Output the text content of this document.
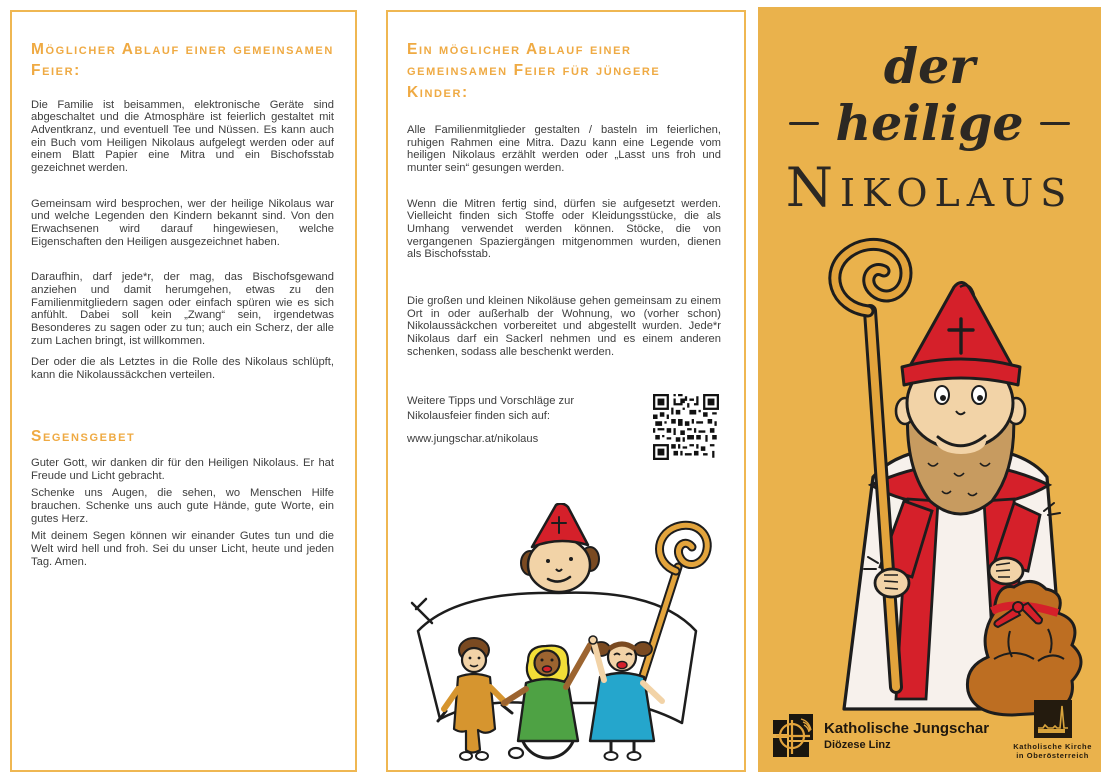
Möglicher Ablauf einer gemeinsamen Feier:

Die Familie ist beisammen, elektronische Geräte sind abgeschaltet und die Atmosphäre ist feierlich gestaltet mit Adventkranz, und eventuell Tee und Nüssen. Es kann auch ein Buch vom Heiligen Nikolaus aufgelegt werden oder auf einem Blatt Papier eine Mitra und ein Bischofsstab gezeichnet werden.

Gemeinsam wird besprochen, wer der heilige Nikolaus war und welche Legenden den Kindern bekannt sind. Von den Erwachsenen wird darauf hingewiesen, welche Eigenschaften den Heiligen ausgezeichnet haben.

Daraufhin, darf jede*r, der mag, das Bischofsgewand anziehen und damit herumgehen, etwas zu den Familienmitgliedern sagen oder einfach spüren wie es sich anfühlt. Dabei soll kein „Zwang“ sein, irgendetwas Besonderes zu sagen oder zu tun; auch ein Scherz, der alle zum Lachen bringt, ist willkommen.

Der oder die als Letztes in die Rolle des Nikolaus schlüpft, kann die Nikolaussäckchen verteilen.

Segensgebet

Guter Gott, wir danken dir für den Heiligen Nikolaus. Er hat Freude und Licht gebracht.

Schenke uns Augen, die sehen, wo Menschen Hilfe brauchen. Schenke uns auch gute Hände, gute Worte, ein gutes Herz.

Mit deinem Segen können wir einander Gutes tun und die Welt wird hell und froh. Sei du unser Licht, heute und jeden Tag. Amen.

Ein möglicher Ablauf einer gemeinsamen Feier für jüngere Kinder:

Alle Familienmitglieder gestalten / basteln im feierlichen, ruhigen Rahmen eine Mitra. Dazu kann eine Legende vom heiligen Nikolaus erzählt werden oder „Lasst uns froh und munter sein“ gesungen werden.

Wenn die Mitren fertig sind, dürfen sie aufgesetzt werden. Vielleicht finden sich Stoffe oder Kleidungsstücke, die als Umhang verwendet werden können. Stöcke, die von vergangenen Spaziergängen mitgenommen wurden, dienen als Bischofsstab.

Die großen und kleinen Nikoläuse gehen gemeinsam zu einem Ort in oder außerhalb der Wohnung, wo (vorher schon) Nikolaussäckchen vorbereitet und abgestellt wurden. Jede*r Nikolaus darf ein Sackerl nehmen und es einem anderen schenken, sodass alle beschenkt werden.

Weitere Tipps und Vorschläge zur Nikolausfeier finden sich auf:
www.jungschar.at/nikolaus
der
heilige
Nikolaus
Katholische Jungschar
Diözese Linz	Katholische Kirche
in Oberösterreich
